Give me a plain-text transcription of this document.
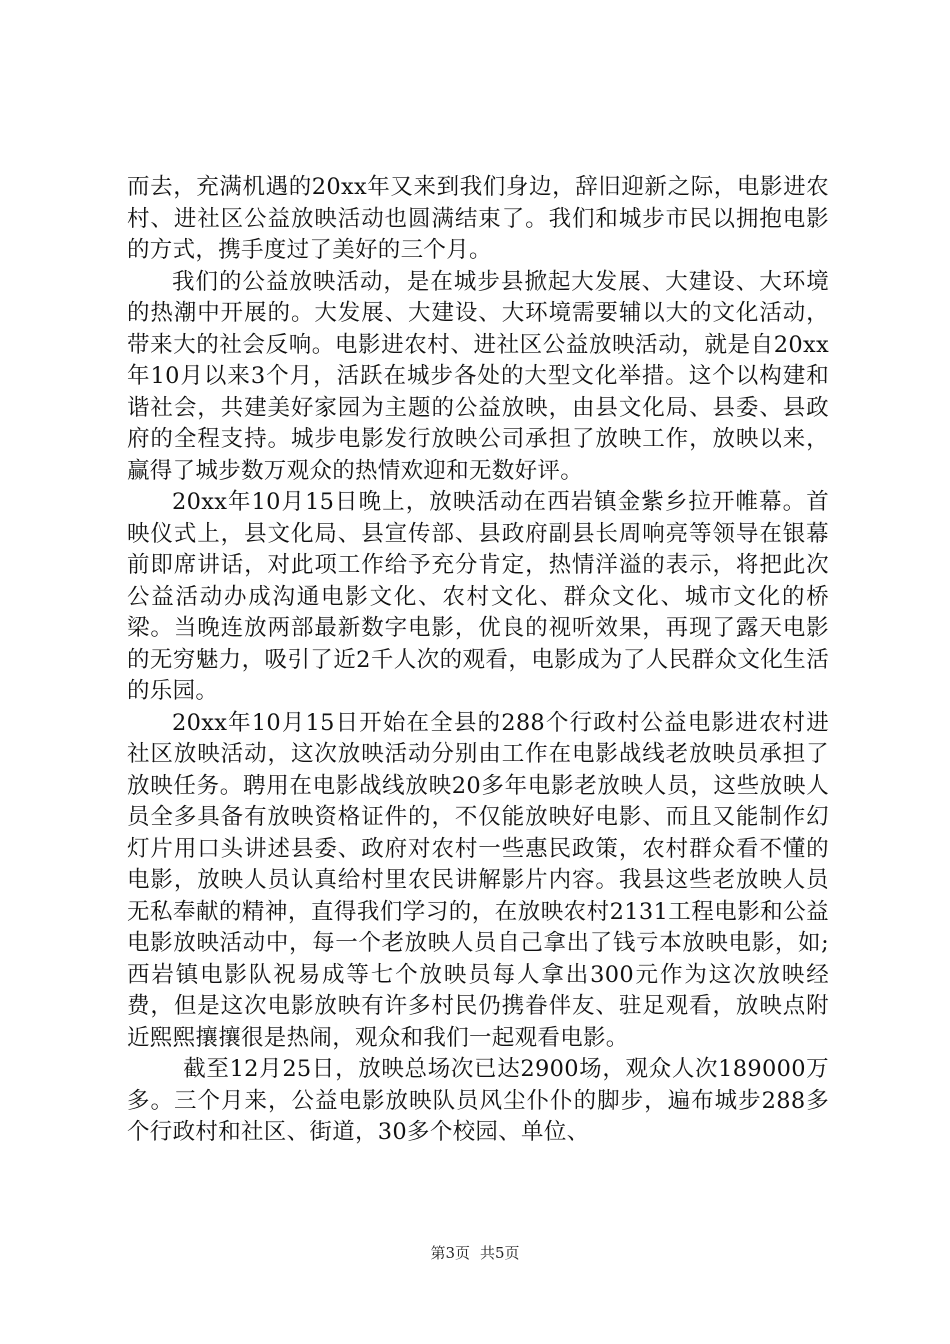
而去，充满机遇的20xx年又来到我们身边，辞旧迎新之际，电影进农村、进社区公益放映活动也圆满结束了。我们和城步市民以拥抱电影的方式，携手度过了美好的三个月。

我们的公益放映活动，是在城步县掀起大发展、大建设、大环境的热潮中开展的。大发展、大建设、大环境需要辅以大的文化活动，带来大的社会反响。电影进农村、进社区公益放映活动，就是自20xx年10月以来3个月，活跃在城步各处的大型文化举措。这个以构建和谐社会，共建美好家园为主题的公益放映，由县文化局、县委、县政府的全程支持。城步电影发行放映公司承担了放映工作，放映以来，赢得了城步数万观众的热情欢迎和无数好评。

20xx年10月15日晚上，放映活动在西岩镇金紫乡拉开帷幕。首映仪式上，县文化局、县宣传部、县政府副县长周响亮等领导在银幕前即席讲话，对此项工作给予充分肯定，热情洋溢的表示，将把此次公益活动办成沟通电影文化、农村文化、群众文化、城市文化的桥梁。当晚连放两部最新数字电影，优良的视听效果，再现了露天电影的无穷魅力，吸引了近2千人次的观看，电影成为了人民群众文化生活的乐园。

20xx年10月15日开始在全县的288个行政村公益电影进农村进社区放映活动，这次放映活动分别由工作在电影战线老放映员承担了放映任务。聘用在电影战线放映20多年电影老放映人员，这些放映人员全多具备有放映资格证件的，不仅能放映好电影、而且又能制作幻灯片用口头讲述县委、政府对农村一些惠民政策，农村群众看不懂的电影，放映人员认真给村里农民讲解影片内容。我县这些老放映人员无私奉献的精神，直得我们学习的，在放映农村2131工程电影和公益电影放映活动中，每一个老放映人员自己拿出了钱亏本放映电影，如;西岩镇电影队祝易成等七个放映员每人拿出300元作为这次放映经费，但是这次电影放映有许多村民仍携眷伴友、驻足观看，放映点附近熙熙攘攘很是热闹，观众和我们一起观看电影。

截至12月25日，放映总场次已达2900场，观众人次189000万多。三个月来，公益电影放映队员风尘仆仆的脚步，遍布城步288多个行政村和社区、街道，30多个校园、单位、

第3页 共5页
